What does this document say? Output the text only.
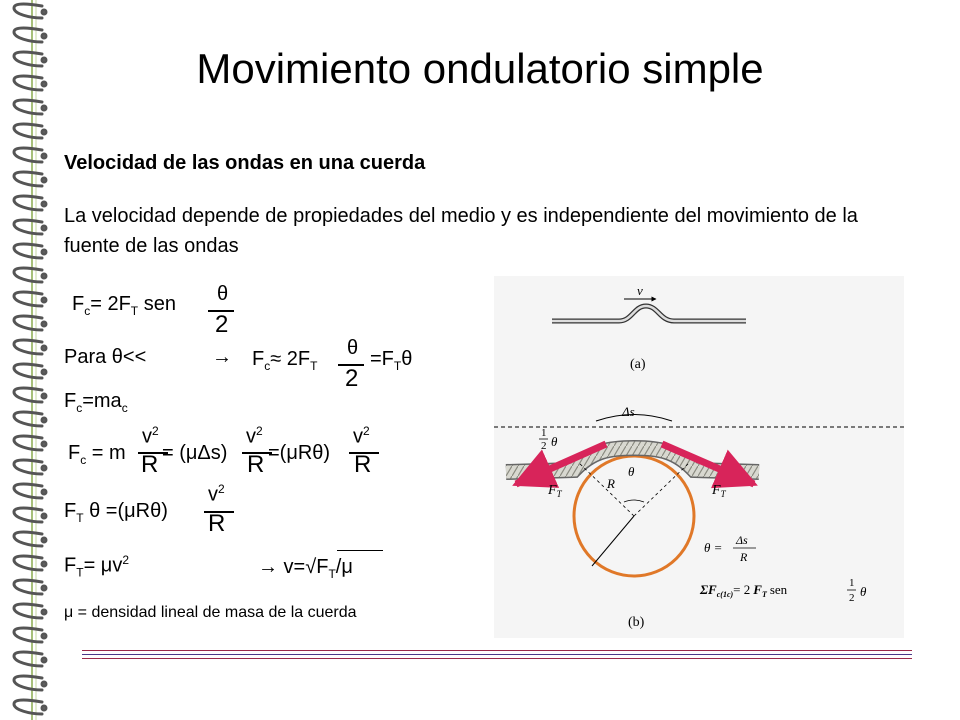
Movimiento ondulatorio simple
Velocidad de las ondas en una cuerda
La velocidad depende de propiedades del medio y es independiente del movimiento de la fuente de las ondas
$F_c= 2F_T$ sen θ
2
Para θ<<	→ $F_c\approx 2F_T$
θ
2
$=F_T\theta$
$F_c=ma_c$
$F_c = m$
$v^2$
R = (μΔs)
$v^2$
R =(μRθ)
$v^2$
R
$F_T$ θ =(μRθ)
$v^2$
R
$F_T= \mu v^2$	→ $v=√F_T/\mu$
μ = densidad lineal de masa de la cuerda
v
(a)
Δs
1
2 θ
θ
R
$F_T$	$F_T$
θ = Δs
R
$\Sigma F_{c(1c)}= 2$ $F_T$ sen	1
2 θ
(b)
